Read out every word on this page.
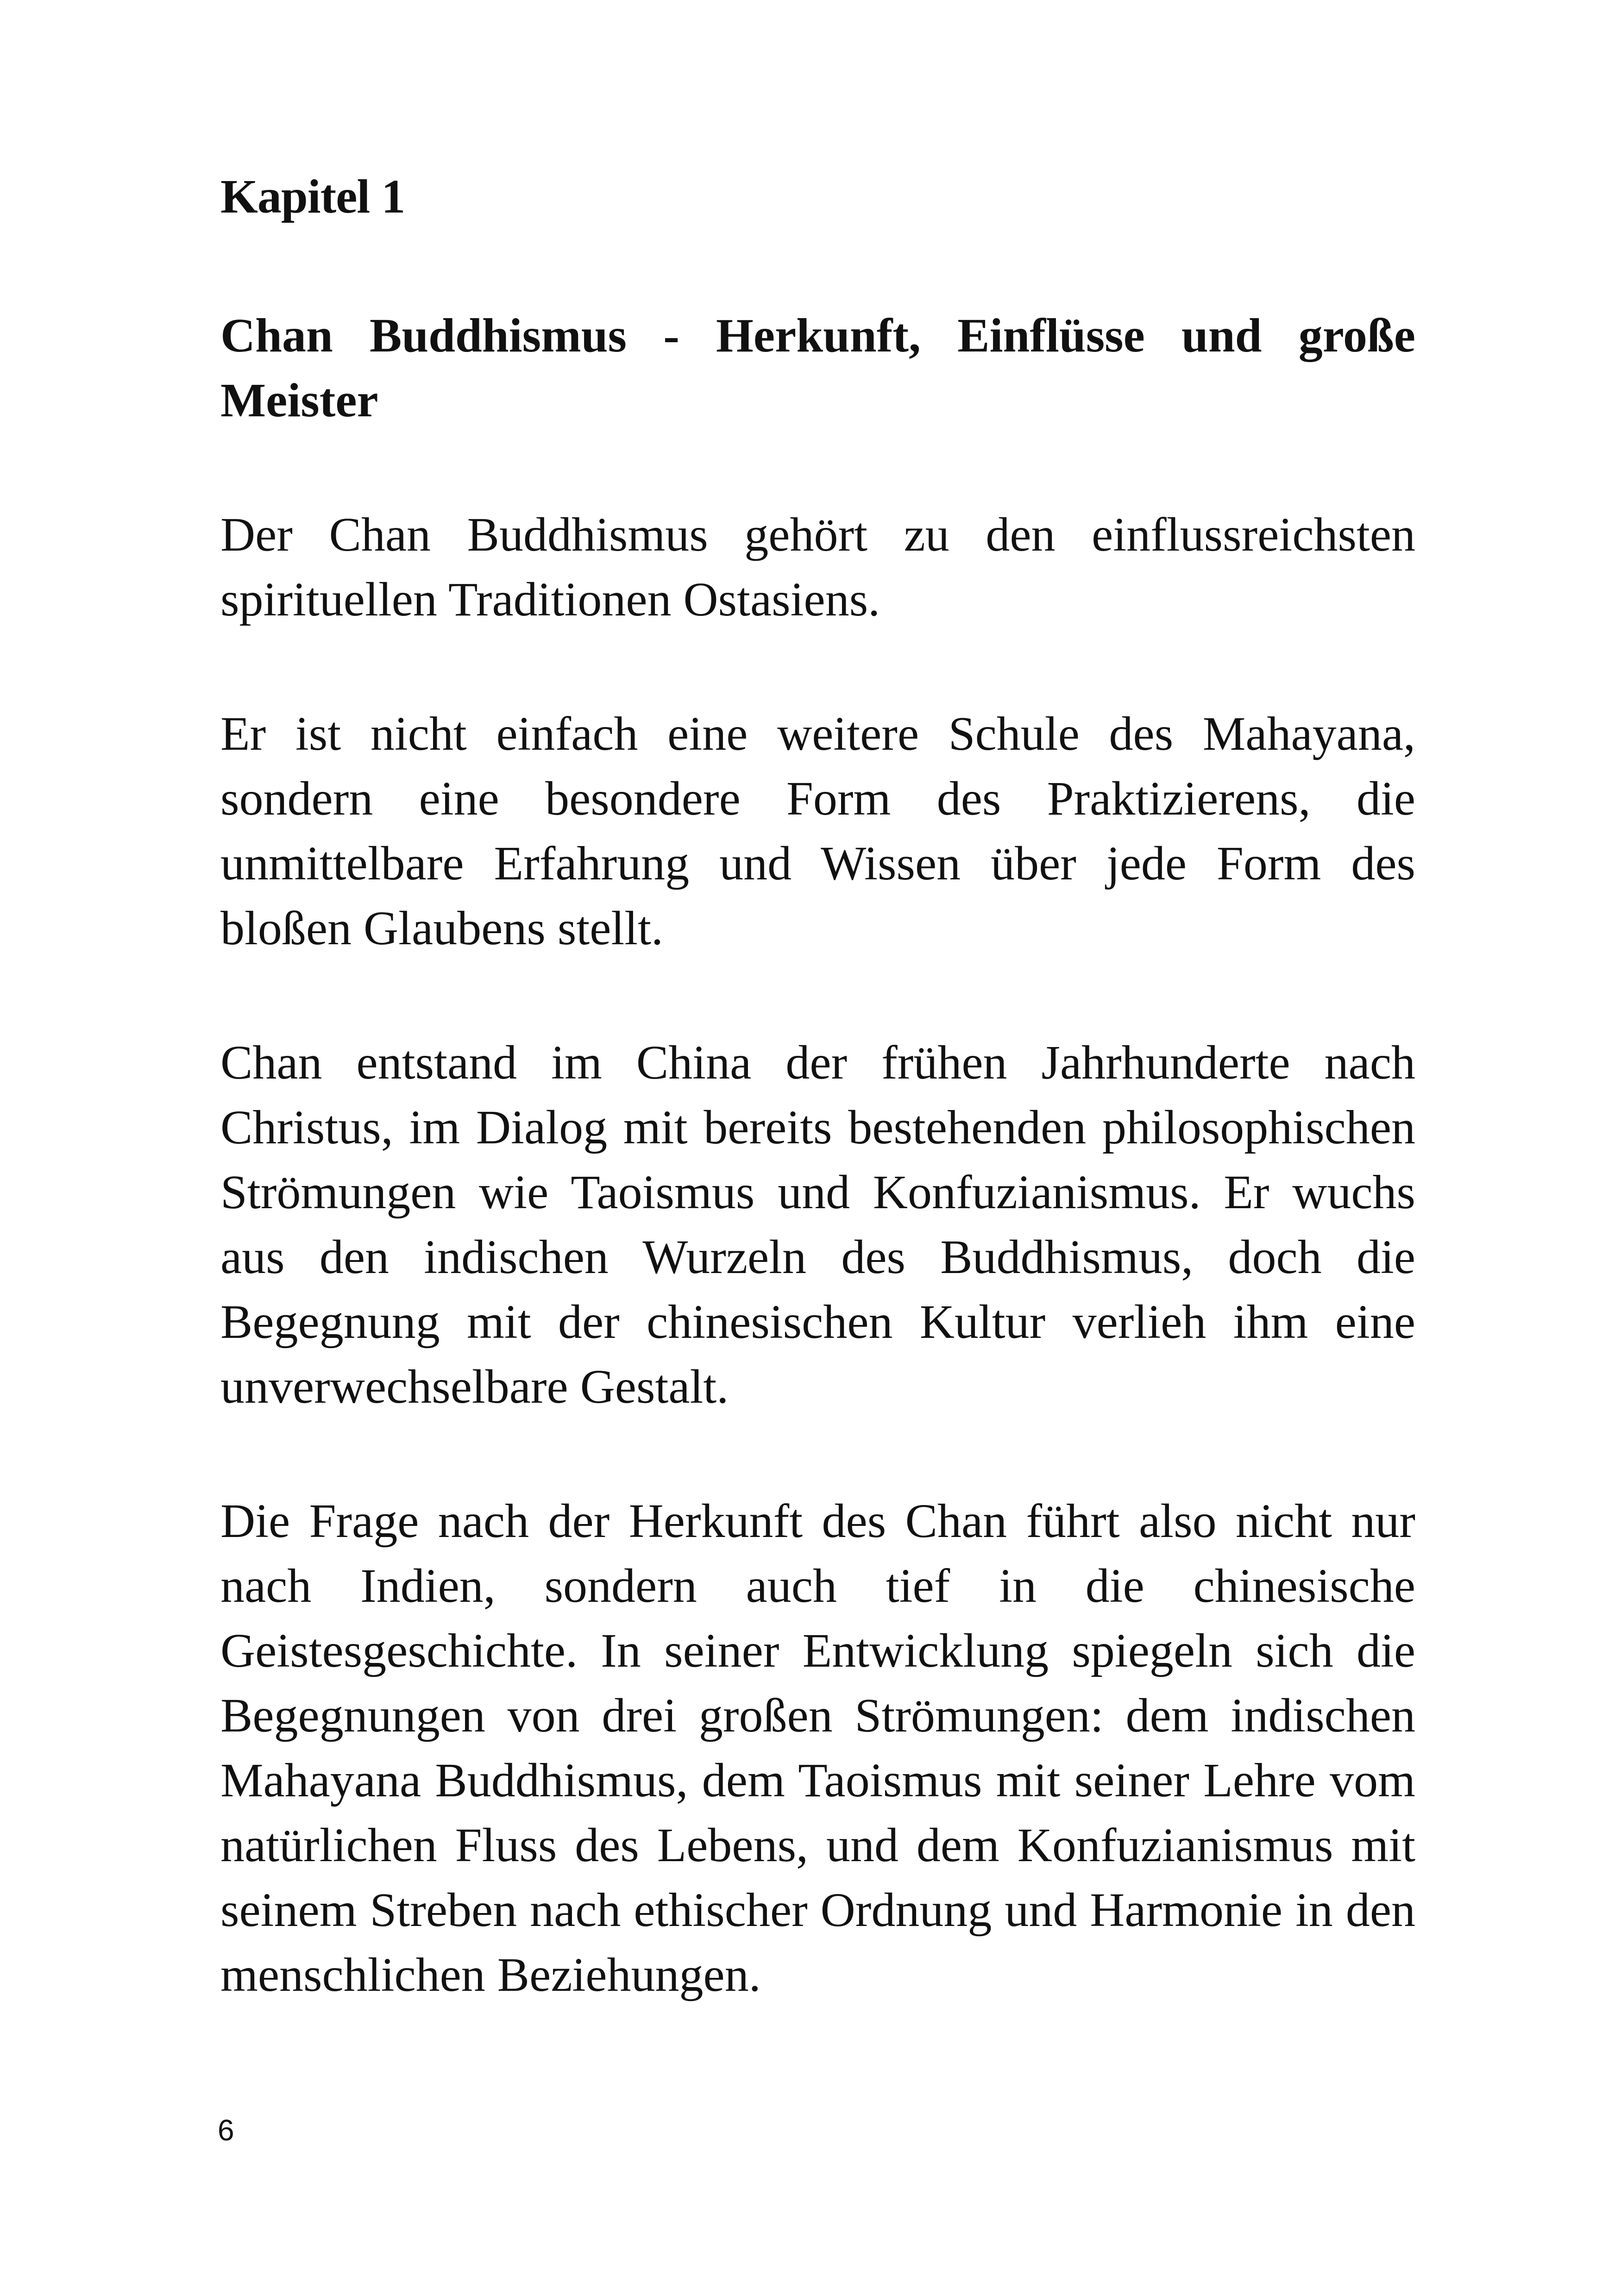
Kapitel 1
Chan Buddhismus - Herkunft, Einflüsse und große Meister

Der Chan Buddhismus gehört zu den einflussreichsten spirituellen Traditionen Ostasiens.

Er ist nicht einfach eine weitere Schule des Mahayana, sondern eine besondere Form des Praktizierens, die unmittelbare Erfahrung und Wissen über jede Form des bloßen Glaubens stellt.

Chan entstand im China der frühen Jahrhunderte nach Christus, im Dialog mit bereits bestehenden philosophischen Strömungen wie Taoismus und Konfuzianismus. Er wuchs aus den indischen Wurzeln des Buddhismus, doch die Begegnung mit der chinesischen Kultur verlieh ihm eine unverwechselbare Gestalt.

Die Frage nach der Herkunft des Chan führt also nicht nur nach Indien, sondern auch tief in die chinesische Geistesgeschichte. In seiner Entwicklung spiegeln sich die Begegnungen von drei großen Strömungen: dem indischen Mahayana Buddhismus, dem Taoismus mit seiner Lehre vom natürlichen Fluss des Lebens, und dem Konfuzianismus mit seinem Streben nach ethischer Ordnung und Harmonie in den menschlichen Beziehungen.

6
